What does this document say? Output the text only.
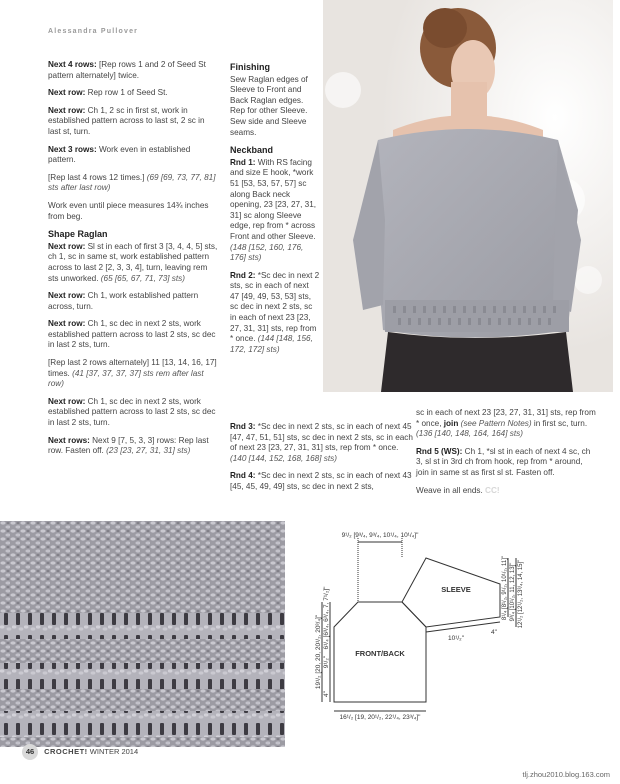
Alessandra Pullover

Next 4 rows: [Rep rows 1 and 2 of Seed St pattern alternately] twice.

Next row: Rep row 1 of Seed St.

Next row: Ch 1, 2 sc in first st, work in established pattern across to last st, 2 sc in last st, turn.

Next 3 rows: Work even in established pattern.

[Rep last 4 rows 12 times.] (69 [69, 73, 77, 81] sts after last row)

Work even until piece measures 14¾ inches from beg.

Shape Raglan

Next row: Sl st in each of first 3 [3, 4, 4, 5] sts, ch 1, sc in same st, work established pattern across to last 2 [2, 3, 3, 4], turn, leaving rem sts unworked. (65 [65, 67, 71, 73] sts)

Next row: Ch 1, work established pattern across, turn.

Next row: Ch 1, sc dec in next 2 sts, work established pattern across to last 2 sts, sc dec in last 2 sts, turn.

[Rep last 2 rows alternately] 11 [13, 14, 16, 17] times. (41 [37, 37, 37, 37] sts rem after last row)

Next row: Ch 1, sc dec in next 2 sts, work established pattern across to last 2 sts, sc dec in last 2 sts, turn.

Next rows: Next 9 [7, 5, 3, 3] rows: Rep last row. Fasten off. (23 [23, 27, 31, 31] sts)

Finishing

Sew Raglan edges of Sleeve to Front and Back Raglan edges. Rep for other Sleeve. Sew side and Sleeve seams.

Neckband

Rnd 1: With RS facing and size E hook, *work 51 [53, 53, 57, 57] sc along Back neck opening, 23 [23, 27, 31, 31] sc along Sleeve edge, rep from * across Front and other Sleeve. (148 [152, 160, 176, 176] sts)

Rnd 2: *Sc dec in next 2 sts, sc in each of next 47 [49, 49, 53, 53] sts, sc dec in next 2 sts, sc in each of next 23 [23, 27, 31, 31] sts, rep from * once. (144 [148, 156, 172, 172] sts)

Rnd 3: *Sc dec in next 2 sts, sc in each of next 45 [47, 47, 51, 51] sts, sc dec in next 2 sts, sc in each of next 23 [23, 27, 31, 31] sts, rep from * once. (140 [144, 152, 168, 168] sts)

Rnd 4: *Sc dec in next 2 sts, sc in each of next 43 [45, 45, 49, 49] sts, sc dec in next 2 sts,

sc in each of next 23 [23, 27, 31, 31] sts, rep from * once, join (see Pattern Notes) in first sc, turn. (136 [140, 148, 164, 164] sts)

Rnd 5 (WS): Ch 1, *sl st in each of next 4 sc, ch 3, sl st in 3rd ch from hook, rep from * around, join in same st as first sl st. Fasten off.

Weave in all ends. CC!

9¹/₂ [9³/₄, 9³/₄, 10¹/₄, 10¹/₄]"
SLEEVE
FRONT/BACK
16¹/₂ [19, 20¹/₂, 22¹/₄, 23³/₄]"
19¹/₂ [20, 20, 20¹/₂, 20³/₄]" 6¹/₄ [6³/₄, 6³/₄, 7, 7¹/₂]"
9¹/₂"
4"
10¹/₂"
4"
8¹/₄ [8¹/₂, 9¹/₂, 10¹/₂, 11]" 9³/₄ [10¹/₂, 11, 12, 13]" 12¹/₂ [12¹/₂, 13³/₄, 14, 15]"
46 CROCHET! WINTER 2014
tlj.zhou2010.blog.163.com
